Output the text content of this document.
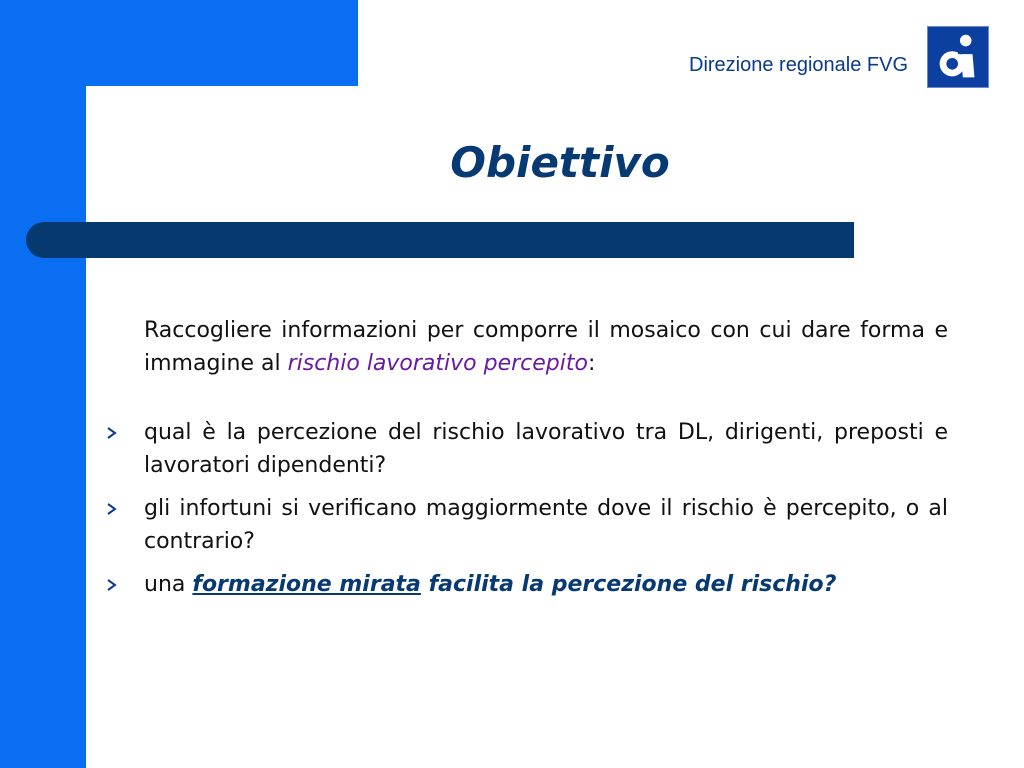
Direzione regionale FVG
Obiettivo

Raccogliere informazioni per comporre il mosaico con cui dare forma e immagine al rischio lavorativo percepito:

qual è la percezione del rischio lavorativo tra DL, dirigenti, preposti e lavoratori dipendenti?
gli infortuni si verificano maggiormente dove il rischio è percepito, o al contrario?
una formazione mirata facilita la percezione del rischio?
